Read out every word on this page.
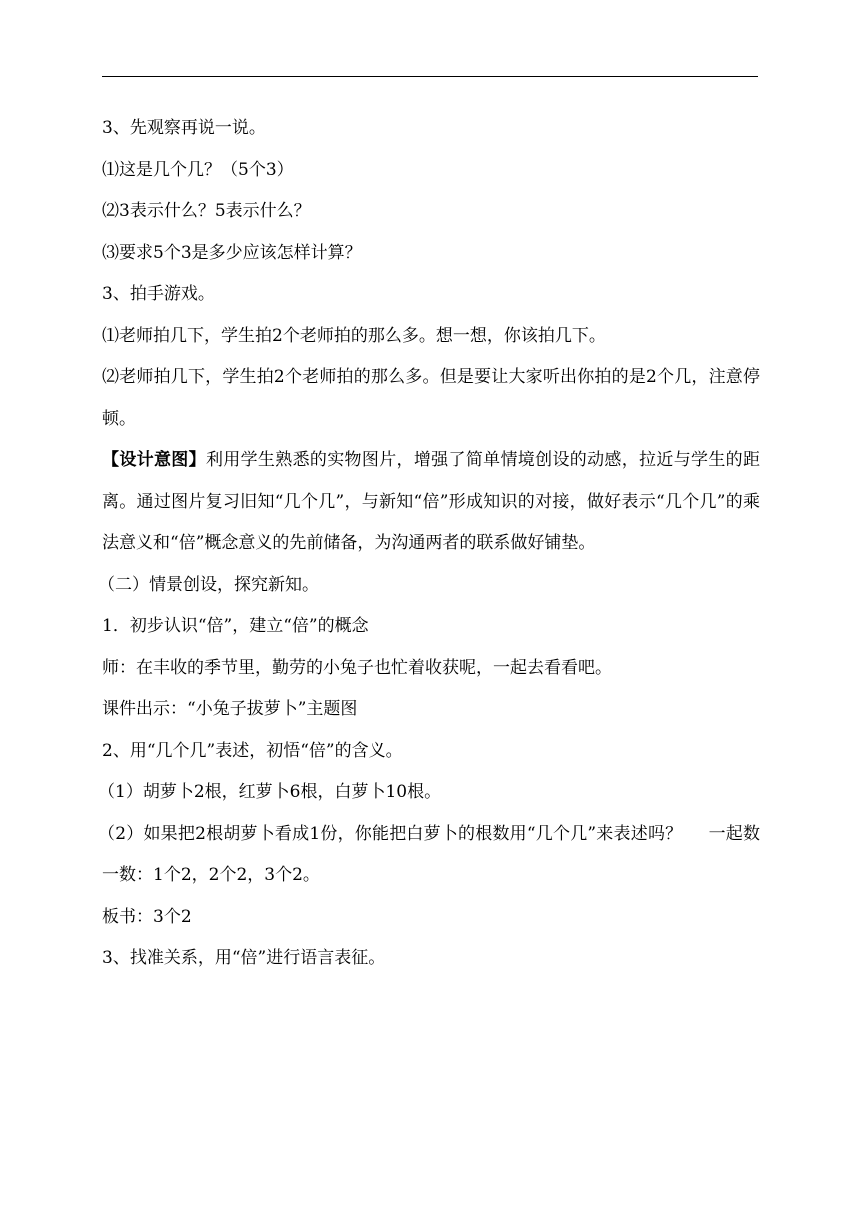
3、先观察再说一说。

⑴这是几个几？（5个3）

⑵3表示什么？5表示什么？

⑶要求5个3是多少应该怎样计算？

3、拍手游戏。

⑴老师拍几下，学生拍2个老师拍的那么多。想一想，你该拍几下。

⑵老师拍几下，学生拍2个老师拍的那么多。但是要让大家听出你拍的是2个几，注意停顿。

【设计意图】利用学生熟悉的实物图片，增强了简单情境创设的动感，拉近与学生的距离。通过图片复习旧知“几个几”，与新知“倍”形成知识的对接，做好表示“几个几”的乘法意义和“倍”概念意义的先前储备，为沟通两者的联系做好铺垫。

（二）情景创设，探究新知。

1．初步认识“倍”，建立“倍”的概念

师：在丰收的季节里，勤劳的小兔子也忙着收获呢，一起去看看吧。

课件出示：“小兔子拔萝卜”主题图

2、用“几个几”表述，初悟“倍”的含义。

（1）胡萝卜2根，红萝卜6根，白萝卜10根。

（2）如果把2根胡萝卜看成1份，你能把白萝卜的根数用“几个几”来表述吗？ 一起数一数：1个2，2个2，3个2。

板书：3个2

3、找准关系，用“倍”进行语言表征。
